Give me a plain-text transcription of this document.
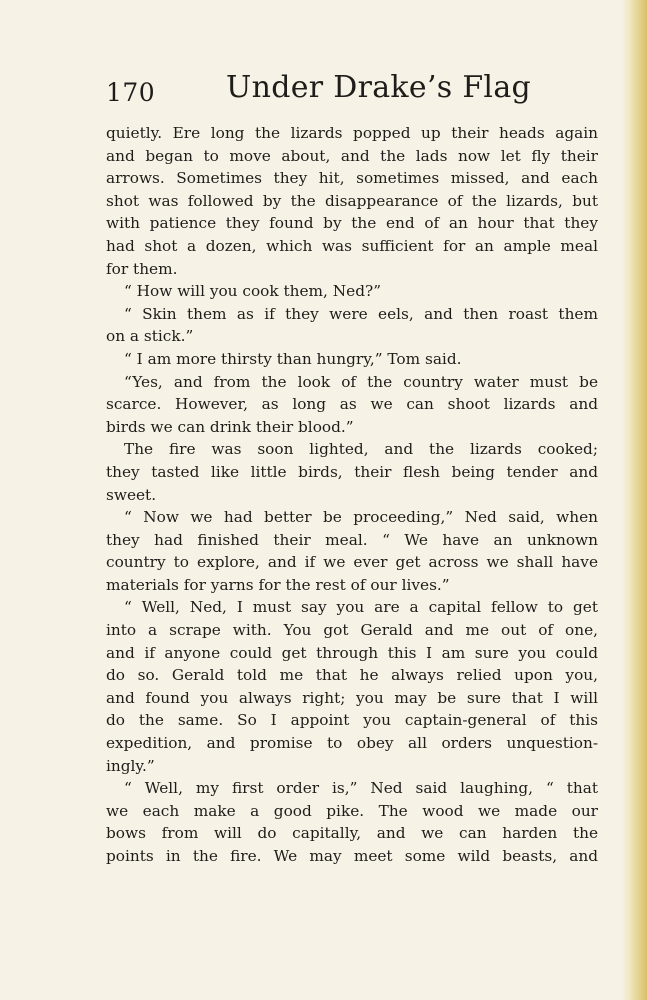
170 Under Drake’s Flag
quietly. Ere long the lizards popped up their heads again
and began to move about, and the lads now let fly their
arrows. Sometimes they hit, sometimes missed, and each
shot was followed by the disappearance of the lizards, but
with patience they found by the end of an hour that they
had shot a dozen, which was sufficient for an ample meal
for them.
“ How will you cook them, Ned?”
“ Skin them as if they were eels, and then roast them
on a stick.”
“ I am more thirsty than hungry,” Tom said.
“Yes, and from the look of the country water must be
scarce. However, as long as we can shoot lizards and
birds we can drink their blood.”
The fire was soon lighted, and the lizards cooked;
they tasted like little birds, their flesh being tender and
sweet.
“ Now we had better be proceeding,” Ned said, when
they had finished their meal. “ We have an unknown
country to explore, and if we ever get across we shall have
materials for yarns for the rest of our lives.”
“ Well, Ned, I must say you are a capital fellow to get
into a scrape with. You got Gerald and me out of one,
and if anyone could get through this I am sure you could
do so. Gerald told me that he always relied upon you,
and found you always right; you may be sure that I will
do the same. So I appoint you captain-general of this
expedition, and promise to obey all orders unquestion-
ingly.”
“ Well, my first order is,” Ned said laughing, “ that
we each make a good pike. The wood we made our
bows from will do capitally, and we can harden the
points in the fire. We may meet some wild beasts, and
